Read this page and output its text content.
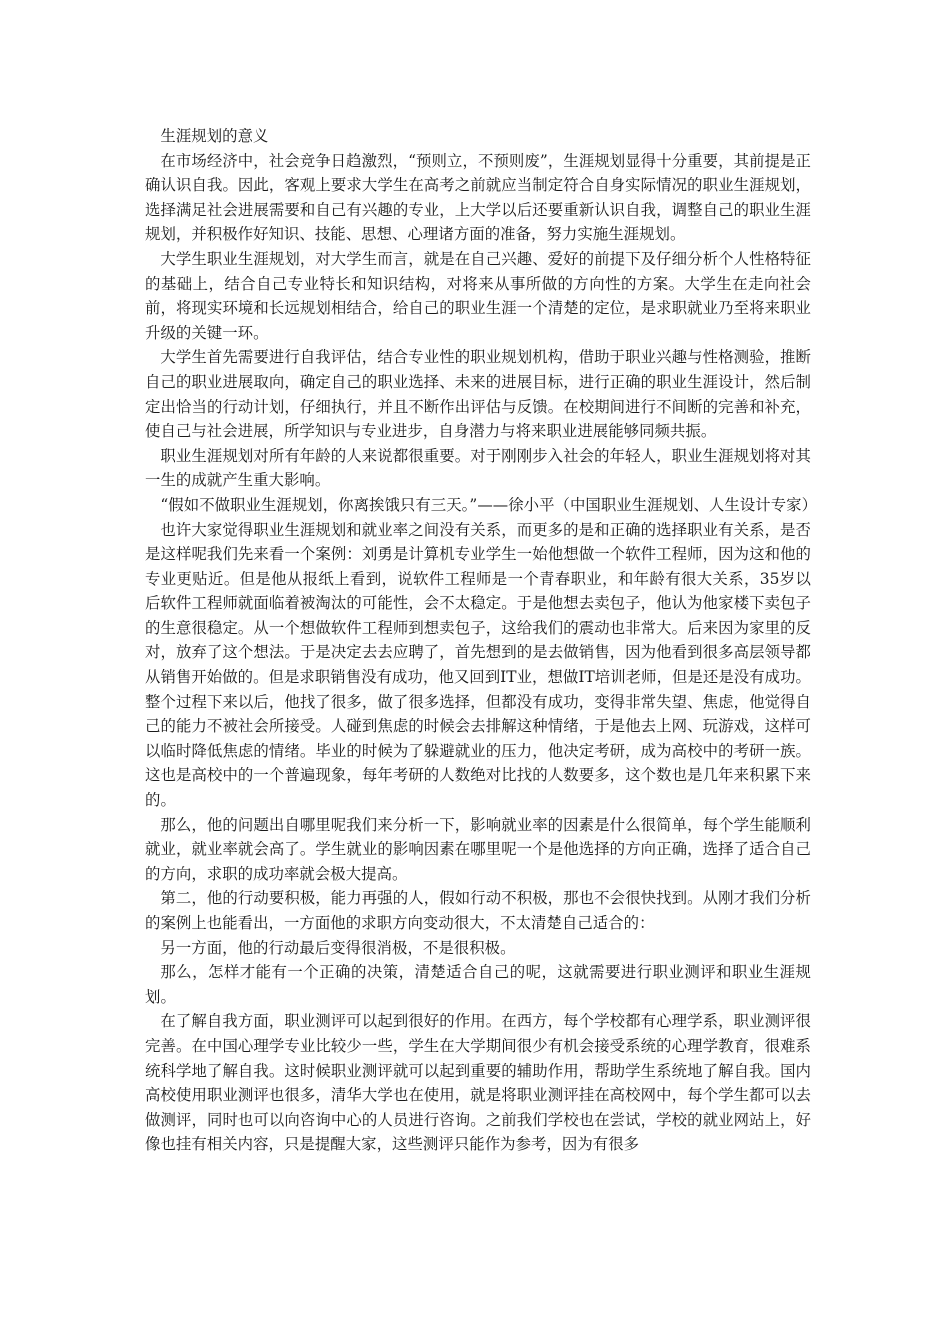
生涯规划的意义

在市场经济中，社会竞争日趋激烈，“预则立，不预则废”，生涯规划显得十分重要，其前提是正确认识自我。因此，客观上要求大学生在高考之前就应当制定符合自身实际情况的职业生涯规划，选择满足社会进展需要和自己有兴趣的专业，上大学以后还要重新认识自我，调整自己的职业生涯规划，并积极作好知识、技能、思想、心理诸方面的准备，努力实施生涯规划。

大学生职业生涯规划，对大学生而言，就是在自己兴趣、爱好的前提下及仔细分析个人性格特征的基础上，结合自己专业特长和知识结构，对将来从事所做的方向性的方案。大学生在走向社会前，将现实环境和长远规划相结合，给自己的职业生涯一个清楚的定位，是求职就业乃至将来职业升级的关键一环。

大学生首先需要进行自我评估，结合专业性的职业规划机构，借助于职业兴趣与性格测验，推断自己的职业进展取向，确定自己的职业选择、未来的进展目标，进行正确的职业生涯设计，然后制定出恰当的行动计划，仔细执行，并且不断作出评估与反馈。在校期间进行不间断的完善和补充，使自己与社会进展，所学知识与专业进步，自身潜力与将来职业进展能够同频共振。

职业生涯规划对所有年龄的人来说都很重要。对于刚刚步入社会的年轻人，职业生涯规划将对其一生的成就产生重大影响。

“假如不做职业生涯规划，你离挨饿只有三天。”——徐小平（中国职业生涯规划、人生设计专家）

也许大家觉得职业生涯规划和就业率之间没有关系，而更多的是和正确的选择职业有关系，是否是这样呢我们先来看一个案例：刘勇是计算机专业学生一始他想做一个软件工程师，因为这和他的专业更贴近。但是他从报纸上看到，说软件工程师是一个青春职业，和年龄有很大关系，35岁以后软件工程师就面临着被淘汰的可能性，会不太稳定。于是他想去卖包子，他认为他家楼下卖包子的生意很稳定。从一个想做软件工程师到想卖包子，这给我们的震动也非常大。后来因为家里的反对，放弃了这个想法。于是决定去去应聘了，首先想到的是去做销售，因为他看到很多高层领导都从销售开始做的。但是求职销售没有成功，他又回到IT业，想做IT培训老师，但是还是没有成功。整个过程下来以后，他找了很多，做了很多选择，但都没有成功，变得非常失望、焦虑，他觉得自己的能力不被社会所接受。人碰到焦虑的时候会去排解这种情绪，于是他去上网、玩游戏，这样可以临时降低焦虑的情绪。毕业的时候为了躲避就业的压力，他决定考研，成为高校中的考研一族。这也是高校中的一个普遍现象，每年考研的人数绝对比找的人数要多，这个数也是几年来积累下来的。

那么，他的问题出自哪里呢我们来分析一下，影响就业率的因素是什么很简单，每个学生能顺利就业，就业率就会高了。学生就业的影响因素在哪里呢一个是他选择的方向正确，选择了适合自己的方向，求职的成功率就会极大提高。

第二，他的行动要积极，能力再强的人，假如行动不积极，那也不会很快找到。从刚才我们分析的案例上也能看出，一方面他的求职方向变动很大，不太清楚自己适合的：

另一方面，他的行动最后变得很消极，不是很积极。

那么，怎样才能有一个正确的决策，清楚适合自己的呢，这就需要进行职业测评和职业生涯规划。

在了解自我方面，职业测评可以起到很好的作用。在西方，每个学校都有心理学系，职业测评很完善。在中国心理学专业比较少一些，学生在大学期间很少有机会接受系统的心理学教育，很难系统科学地了解自我。这时候职业测评就可以起到重要的辅助作用，帮助学生系统地了解自我。国内高校使用职业测评也很多，清华大学也在使用，就是将职业测评挂在高校网中，每个学生都可以去做测评，同时也可以向咨询中心的人员进行咨询。之前我们学校也在尝试，学校的就业网站上，好像也挂有相关内容，只是提醒大家，这些测评只能作为参考，因为有很多
